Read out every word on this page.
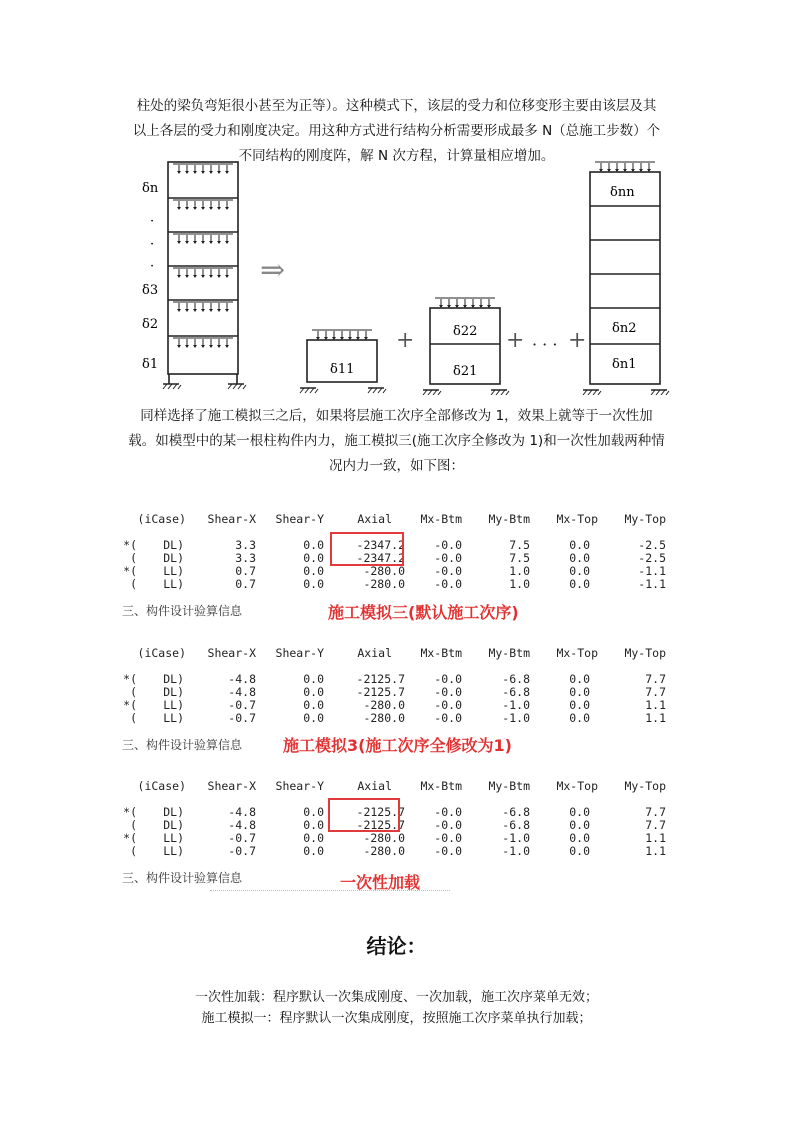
柱处的梁负弯矩很小甚至为正等）。这种模式下，该层的受力和位移变形主要由该层及其

以上各层的受力和刚度决定。用这种方式进行结构分析需要形成最多 N（总施工步数）个

不同结构的刚度阵，解 N 次方程，计算量相应增加。

δn
·
·
·
δ3
δ2
δ1
⇒
δ11
+	δ22
δ21
+ · · · +
δnn
δn2
δn1

同样选择了施工模拟三之后，如果将层施工次序全部修改为 1，效果上就等于一次性加

载。如模型中的某一根柱构件内力，施工模拟三(施工次序全修改为 1)和一次性加载两种情

况内力一致，如下图：

(iCase) Shear-X Shear-Y	Axial Mx-Btm My-Btm Mx-Top My-Top
*( DL)	3.3	0.0	-2347.2	-0.0	7.5	0.0	-2.5
( DL)	3.3	0.0	-2347.2	-0.0	7.5	0.0	-2.5
*( LL)	0.7	0.0	-280.0	-0.0	1.0	0.0	-1.1
( LL)	0.7	0.0	-280.0	-0.0	1.0	0.0	-1.1
三、构件设计验算信息	施工模拟三(默认施工次序)
(iCase) Shear-X Shear-Y	Axial Mx-Btm My-Btm Mx-Top My-Top
*( DL)	-4.8	0.0	-2125.7	-0.0	-6.8	0.0	7.7
( DL)	-4.8	0.0	-2125.7	-0.0	-6.8	0.0	7.7
*( LL)	-0.7	0.0	-280.0	-0.0	-1.0	0.0	1.1
( LL)	-0.7	0.0	-280.0	-0.0	-1.0	0.0	1.1
三、构件设计验算信息	施工模拟3(施工次序全修改为1)
(iCase) Shear-X Shear-Y	Axial Mx-Btm My-Btm Mx-Top My-Top
*( DL)	-4.8	0.0	-2125.7	-0.0	-6.8	0.0	7.7
( DL)	-4.8	0.0	-2125.7	-0.0	-6.8	0.0	7.7
*( LL)	-0.7	0.0	-280.0	-0.0	-1.0	0.0	1.1
( LL)	-0.7	0.0	-280.0	-0.0	-1.0	0.0	1.1
三、构件设计验算信息	一次性加载
结论：
一次性加载：程序默认一次集成刚度、一次加载，施工次序菜单无效；
施工模拟一：程序默认一次集成刚度，按照施工次序菜单执行加载；
